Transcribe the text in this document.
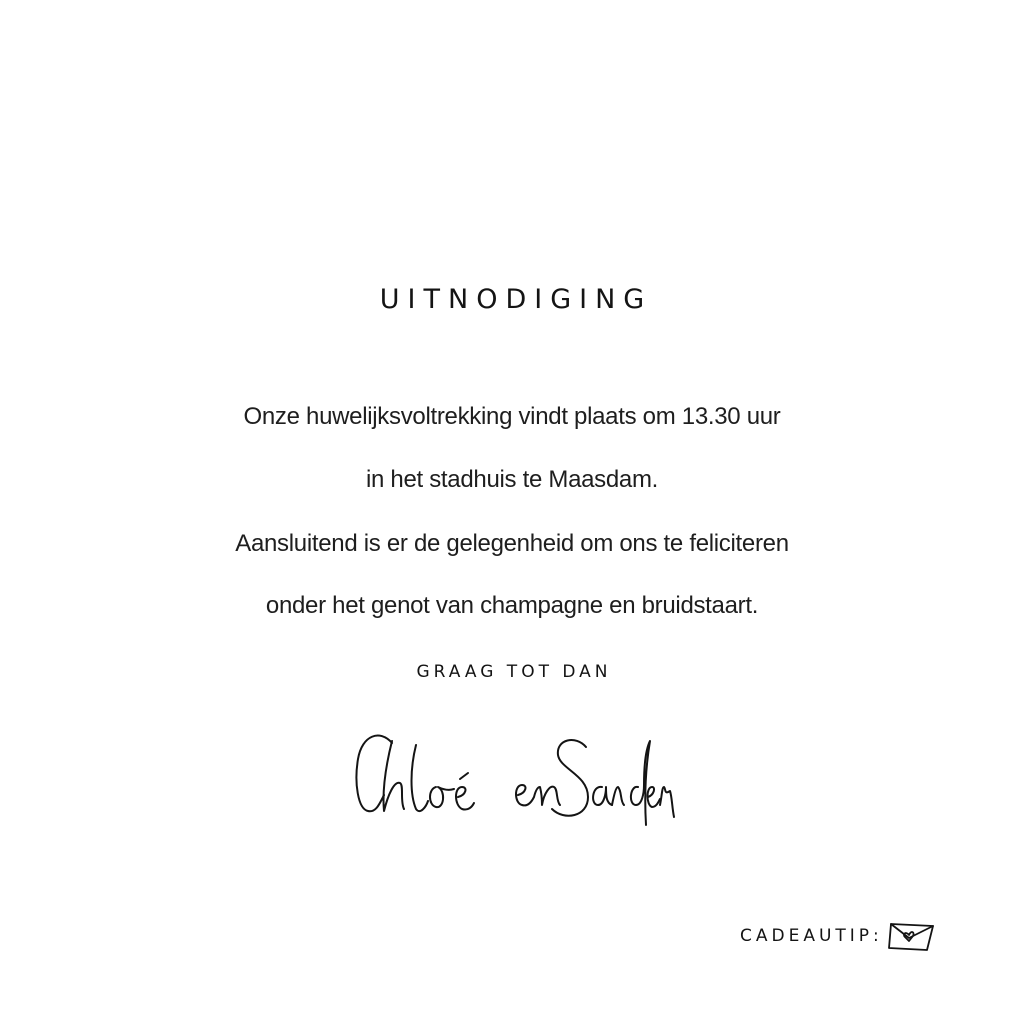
UITNODIGING
Onze huwelijksvoltrekking vindt plaats om 13.30 uur
in het stadhuis te Maasdam.
Aansluitend is er de gelegenheid om ons te feliciteren
onder het genot van champagne en bruidstaart.
GRAAG TOT DAN
CADEAUTIP:
